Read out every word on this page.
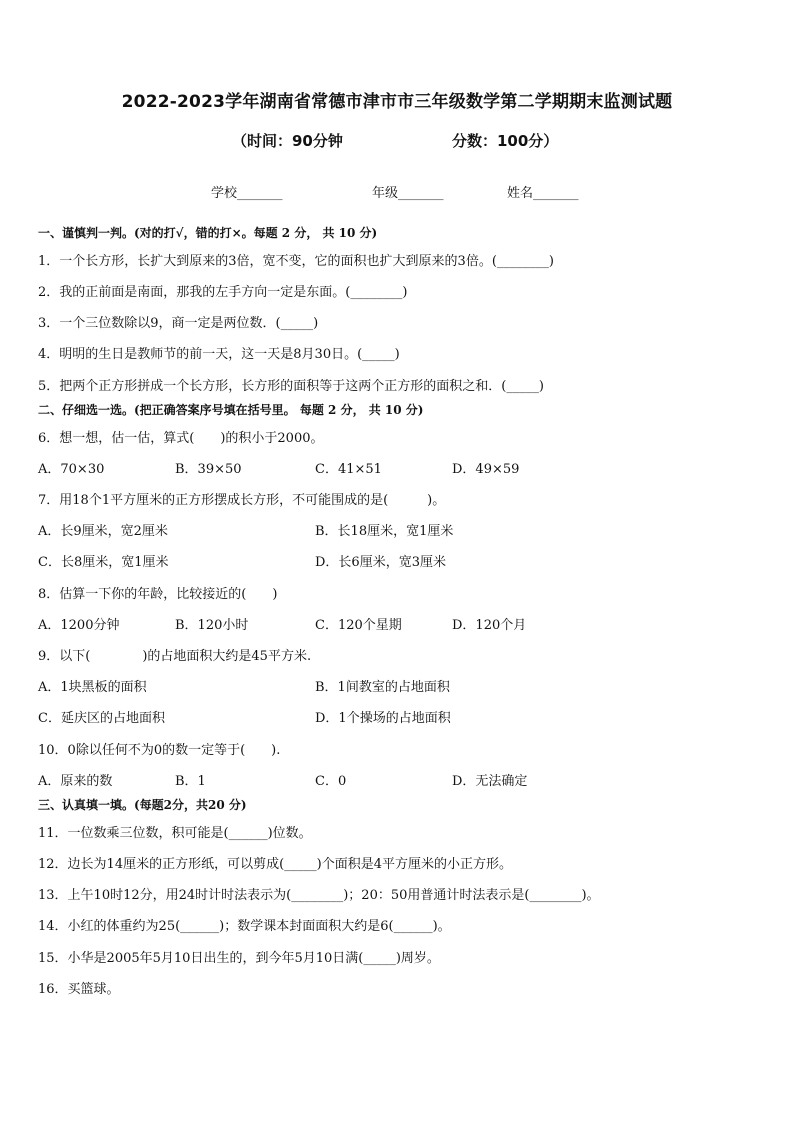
2022-2023学年湖南省常德市津市市三年级数学第二学期期末监测试题
（时间：90分钟	分数：100分）
学校_______	年级_______	姓名_______
一、谨慎判一判。(对的打√，错的打×。每题 2 分， 共 10 分)
1．一个长方形，长扩大到原来的3倍，宽不变，它的面积也扩大到原来的3倍。(________)
2．我的正前面是南面，那我的左手方向一定是东面。(________)
3．一个三位数除以9，商一定是两位数．(_____)
4．明明的生日是教师节的前一天，这一天是8月30日。(_____)
5．把两个正方形拼成一个长方形，长方形的面积等于这两个正方形的面积之和．(_____)
二、仔细选一选。(把正确答案序号填在括号里。 每题 2 分， 共 10 分)
6．想一想，估一估，算式(　　)的积小于2000。
A．70×30	B．39×50	C．41×51	D．49×59
7．用18个1平方厘米的正方形摆成长方形，不可能围成的是(　　　)。
A．长9厘米，宽2厘米	B．长18厘米，宽1厘米
C．长8厘米，宽1厘米	D．长6厘米，宽3厘米
8．估算一下你的年龄，比较接近的(　　)
A．1200分钟	B．120小时	C．120个星期	D．120个月
9．以下(　　　　)的占地面积大约是45平方米.
A．1块黑板的面积	B．1间教室的占地面积
C．延庆区的占地面积	D．1个操场的占地面积
10．0除以任何不为0的数一定等于(　　).
A．原来的数	B．1	C．0	D．无法确定
三、认真填一填。(每题2分，共20 分)
11．一位数乘三位数，积可能是(______)位数。
12．边长为14厘米的正方形纸，可以剪成(_____)个面积是4平方厘米的小正方形。
13．上午10时12分，用24时计时法表示为(________)；20：50用普通计时法表示是(________)。
14．小红的体重约为25(______)；数学课本封面面积大约是6(______)。
15．小华是2005年5月10日出生的，到今年5月10日满(_____)周岁。
16．买篮球。
